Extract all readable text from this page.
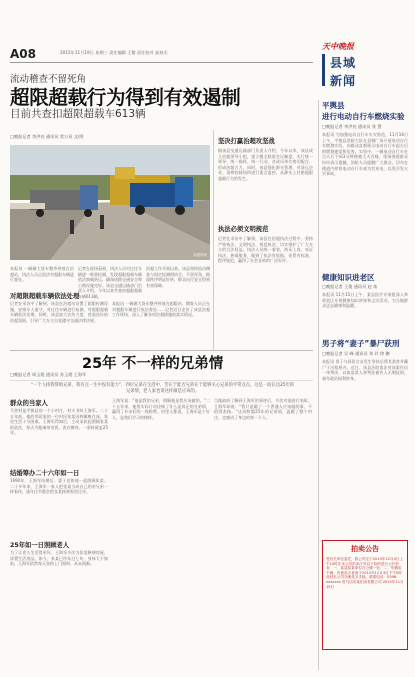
A08	2015年11月19日 星期三 责任编辑 王微 责任校对 高春光
天中晚报
县域
新闻
流动稽查不留死角
超限超载行为得到有效遏制
目前共查扣超限超载车613辆
□晚报记者 李洪亮 通讯员 常万双 文/图
治超现场
本报讯 一辆辆大货车整齐停放在治超站，执法人员正依法对超限车辆进行查处。
记者在现场看到，执法人员对过往车辆逐一称重检测，发现超限超载车辆依法卸载转运，确保道路交通安全和公路设施完好。该县交通运输部门负责人介绍，今年以来共查扣超限超载车辆613辆。
治超工作开展以来，该县坚持流动稽查与固定检测相结合，不留死角，路面秩序明显好转，群众出行安全得到有效保障。
对超限超载车辆依法处理
记者在采访中了解到，该县在治超站设置了超限检测设施，安排专人值守，对过往车辆进行检测，对超限超载车辆依法处理。同时，该县加大宣传力度，营造良好的治超氛围，引导广大车主自觉遵守交通法律法规。
本报讯 一辆辆大货车整齐停放在超限站，稽查人员正在对超限车辆进行依法查处……记者近日走访了该县治超工作现场，深入了解各项治超措施的落实情况。
坚决打赢治超攻坚战
据该县交通运输部门负责人介绍，今年以来，该县成立治超领导小组，建立健全联席会议制度，实行统一领导、统一指挥、统一行动，各成员单位密切配合，形成治超合力。同时，该县强化源头管理，对货运企业、货物装载场所进行重点监控，从源头上杜绝超限超载行为的发生。
执法必须文明规范
记者在采访中了解到，该县在治超执法过程中，坚持严格执法、文明执法、规范执法，切实维护了广大车主的合法权益。执法人员统一着装，持证上岗，亮证执法，热情服务，做到了执法有依据、处罚有标准、程序规范，赢得了社会各界的广泛好评。
25年 不一样的兄弟情
□晚报记者 周玉霞 通讯员 苏玉霞 王海军
“一个人找我帮助兄弟，我有点一生中没有能力”，四位兄弟在生活中，苦在于能否兄弟在于能够关心兄弟的平常点点，这是一段长达25年的兄弟情，老人家也说这样做是应该的。
群众的当家人
马营村是平舆县的一个小村庄，村支书叫王海军。二十五年前，他的邻居家的一位村民张某因病瘫痪在床，家里生活十分困难。王海军得知后，主动承担起照顾张某的责任，每天为他端茶送饭、洗衣擦身，一坚持就是25年。
结婚筹办二十六年如一日
1990年，王海军结婚后，妻子也和他一起照顾张某。二十多年来，王海军一家人把张某当成自己的亲兄弟一样看待，逢年过节都会把张某接到家里过年。
25年如一日照顾老人
为了让老人生活得更好，王海军多次为张某修缮房屋，添置生活用品。如今，张某已经年过七旬，身体大不如前，王海军依然每天坚持上门照料，从未间断。
王海军说：“他是我的兄弟，照顾他是我应该做的。”二十五年来，他用实际行动诠释了什么是真正的兄弟情，赢得了乡亲们的一致称赞。村里人都说，王海军是个好人，是我们学习的榜样。
当地政府了解到王海军的事迹后，多次对他进行表彰。王海军却说：“我只是做了一个普通人应该做的事，不值得表扬。”这份跨越25年的兄弟情，温暖了整个村庄，也感动了身边的每一个人。
平舆县
进行电动自行车燃烧实验
□晚报记者 李洪亮 通讯员 张 慧
本报讯 为加强电动自行车火灾防范，11月16日上午，平舆县消防大队在县城广场开展电动自行车燃烧实验，向群众直观展示电动自行车起火后的燃烧速度和危害。实验中，一辆电动自行车在点火后不到3分钟便被大火吞噬，现场围观群众纷纷表示震撼。消防人员提醒广大群众，切勿在楼道内停放电动自行车或为其充电，以免引发火灾事故。
健康知识进老区
□晚报记者 王俊 通讯员 赵 灿
本报讯 11月15日上午，某县医疗专家组深入革命老区开展健康知识讲座和义诊活动，为当地群众送去健康和温暖。
男子将“妻子”暴尸获刑
□晚报记者 吴 峰 通讯员 刘 玲 徐 鹏
本报讯 男子与同居女友发生争执后将其杀害并藏尸于出租屋内，近日，该县法院依法对该案作出一审判决，以故意杀人罪判处被告人无期徒刑，剥夺政治权利终身。
拍卖公告
受有关单位委托，我公司定于2015年12月4日上午10时在本公司拍卖厅对以下标的进行公开拍卖：一、某县原某单位办公楼一处；二、车辆若干辆。有意竞买者请于2015年12月3日下午5时前到本公司办理竞买手续。联系电话：0396-xxxxxxx 驻马店市某拍卖有限公司 2015年11月19日
